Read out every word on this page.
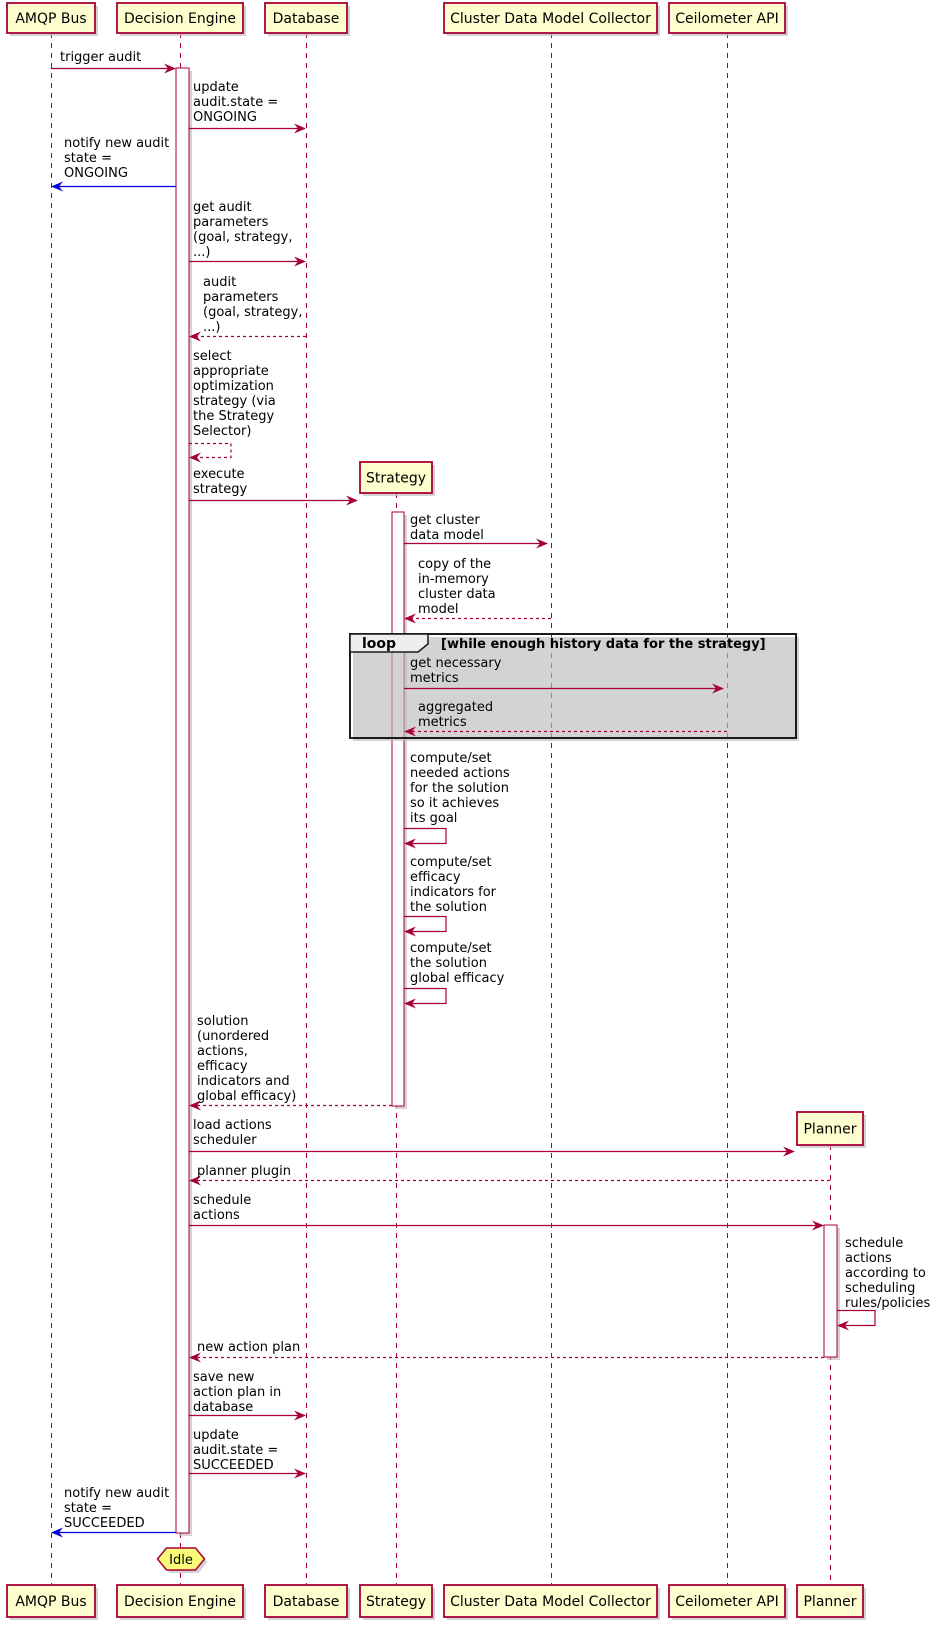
loop	[while enough history data for the strategy]
trigger audit
update
audit.state =
ONGOING
notify new audit
state =
ONGOING
get audit
parameters
(goal, strategy,
...)
audit
parameters
(goal, strategy,
...)
select
appropriate
optimization
strategy (via
the Strategy
Selector)
execute
strategy
get cluster
data model
copy of the
in-memory
cluster data
model
get necessary
metrics
aggregated
metrics
compute/set
needed actions
for the solution
so it achieves
its goal
compute/set
efficacy
indicators for
the solution
compute/set
the solution
global efficacy
solution
(unordered
actions,
efficacy
indicators and
global efficacy)
load actions
scheduler
planner plugin
schedule
actions
schedule
actions
according to
scheduling
rules/policies
new action plan
save new
action plan in
database
update
audit.state =
SUCCEEDED
notify new audit
state =
SUCCEEDED
AMQP Bus
AMQP Bus
Decision Engine
Decision Engine
Database
Database
Strategy
Strategy
Cluster Data Model Collector
Cluster Data Model Collector
Ceilometer API
Ceilometer API
Planner
Planner
Idle
